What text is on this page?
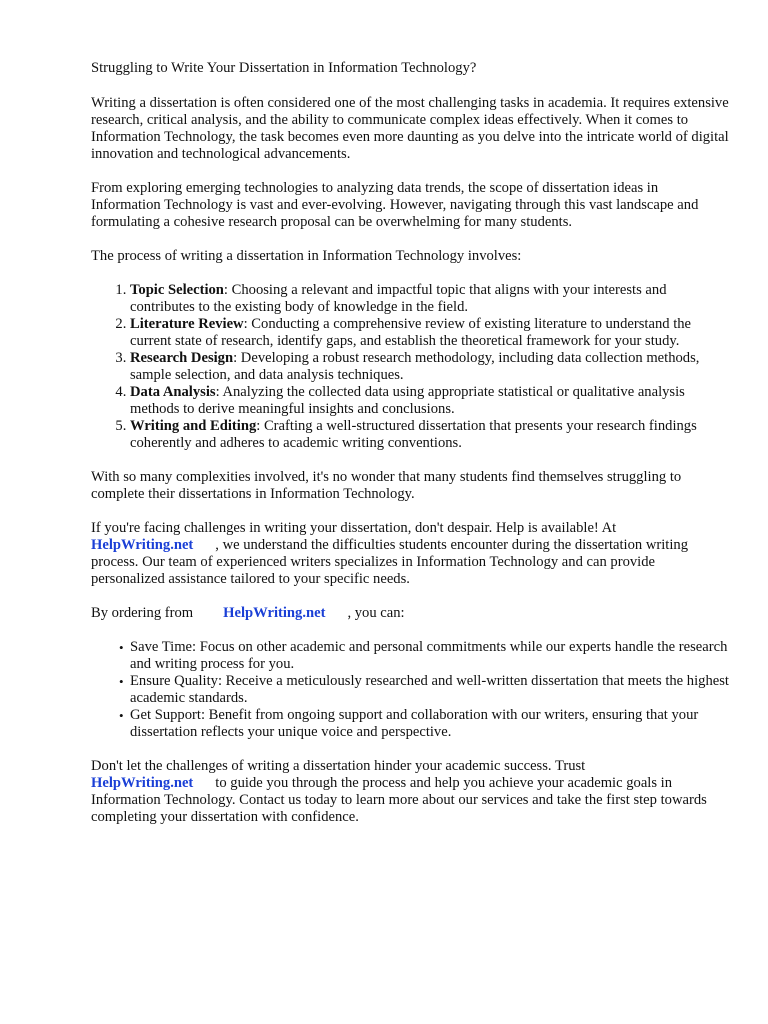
Struggling to Write Your Dissertation in Information Technology?

Writing a dissertation is often considered one of the most challenging tasks in academia. It requires extensive research, critical analysis, and the ability to communicate complex ideas effectively. When it comes to Information Technology, the task becomes even more daunting as you delve into the intricate world of digital innovation and technological advancements.

From exploring emerging technologies to analyzing data trends, the scope of dissertation ideas in Information Technology is vast and ever-evolving. However, navigating through this vast landscape and formulating a cohesive research proposal can be overwhelming for many students.

The process of writing a dissertation in Information Technology involves:

1. Topic Selection: Choosing a relevant and impactful topic that aligns with your interests and contributes to the existing body of knowledge in the field.
2. Literature Review: Conducting a comprehensive review of existing literature to understand the current state of research, identify gaps, and establish the theoretical framework for your study.
3. Research Design: Developing a robust research methodology, including data collection methods, sample selection, and data analysis techniques.
4. Data Analysis: Analyzing the collected data using appropriate statistical or qualitative analysis methods to derive meaningful insights and conclusions.
5. Writing and Editing: Crafting a well-structured dissertation that presents your research findings coherently and adheres to academic writing conventions.

With so many complexities involved, it's no wonder that many students find themselves struggling to complete their dissertations in Information Technology.

If you're facing challenges in writing your dissertation, don't despair. Help is available! At
HelpWriting.net , we understand the difficulties students encounter during the dissertation writing process. Our team of experienced writers specializes in Information Technology and can provide personalized assistance tailored to your specific needs.

By ordering from HelpWriting.net , you can:

• Save Time: Focus on other academic and personal commitments while our experts handle the research and writing process for you.
• Ensure Quality: Receive a meticulously researched and well-written dissertation that meets the highest academic standards.
• Get Support: Benefit from ongoing support and collaboration with our writers, ensuring that your dissertation reflects your unique voice and perspective.

Don't let the challenges of writing a dissertation hinder your academic success. Trust
HelpWriting.net to guide you through the process and help you achieve your academic goals in Information Technology. Contact us today to learn more about our services and take the first step towards completing your dissertation with confidence.
